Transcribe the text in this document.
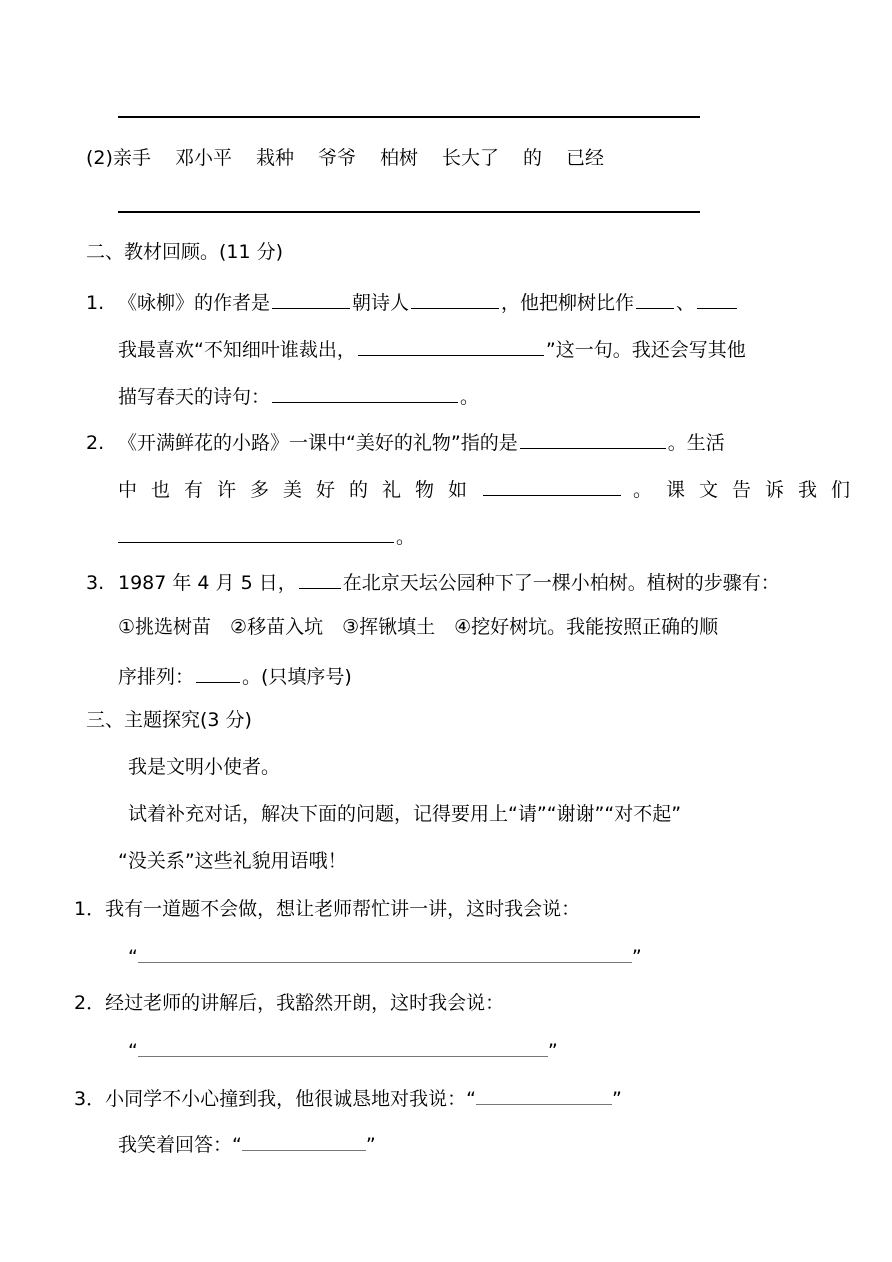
(2)亲手 邓小平 栽种 爷爷 柏树 长大了 的 已经
二、教材回顾。(11 分)
1. 《咏柳》的作者是	朝诗人	，他把柳树比作 、
我最喜欢“不知细叶谁裁出，	”这一句。我还会写其他
描写春天的诗句：	。
2. 《开满鲜花的小路》一课中“美好的礼物”指的是	。生活
中也有许多美好的礼物如	。课文告诉我们
。
3. 1987 年 4 月 5 日， 在北京天坛公园种下了一棵小柏树。植树的步骤有：
①挑选树苗　②移苗入坑　③挥锹填土　④挖好树坑。我能按照正确的顺
序排列：	。(只填序号)
三、主题探究(3 分)
我是文明小使者。
试着补充对话，解决下面的问题，记得要用上“请”“谢谢”“对不起”
“没关系”这些礼貌用语哦！
1．我有一道题不会做，想让老师帮忙讲一讲，这时我会说：
“	”
2．经过老师的讲解后，我豁然开朗，这时我会说：
“	”
3．小同学不小心撞到我，他很诚恳地对我说：“	”
我笑着回答：“	”
